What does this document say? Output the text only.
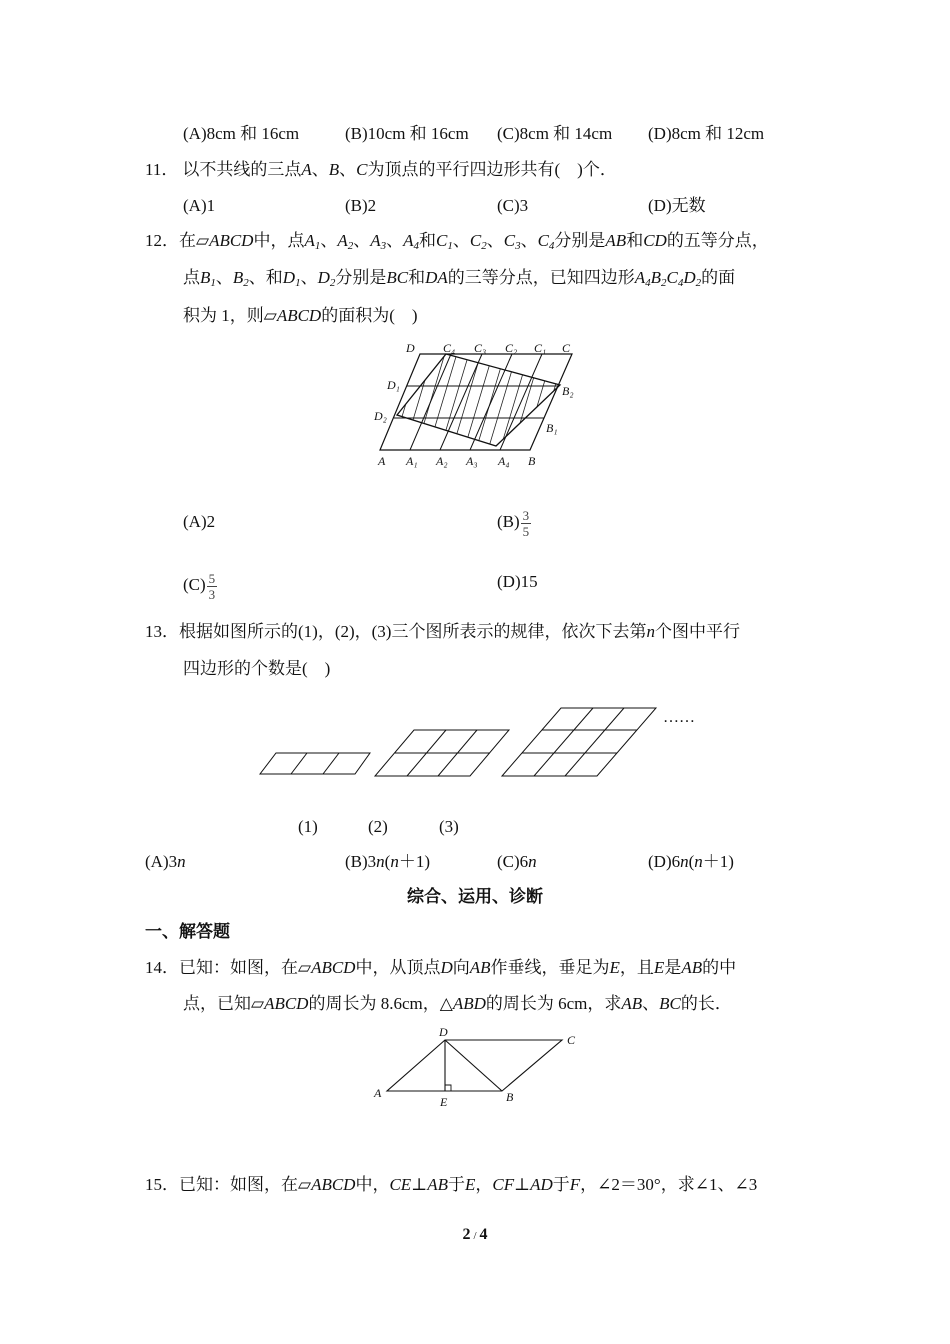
(A)8cm 和 16cm	(B)10cm 和 16cm (C)8cm 和 14cm (D)8cm 和 12cm
11． 以不共线的三点A、B、C为顶点的平行四边形共有(　)个．
(A)1	(B)2	(C)3	(D)无数
12．在▱ABCD中，点$A_1$、$A_2$、$A_3$、$A_4$和$C_1$、$C_2$、$C_3$、$C_4$分别是AB和CD的五等分点，
点$B_1$、$B_2$、和$D_1$、$D_2$分别是BC和DA的三等分点，已知四边形$A_4B_2C_4D_2$的面
积为 1，则▱ABCD的面积为(　)
D C₄ C₃ C₂ C₁ C
D₁
D₂
B₂
B₁
A A₁ A₂ A₃ A₄ B
(A)2	$(B) \frac{3}{5}$
$(C) \frac{5}{3}$	(D)15
13．根据如图所示的(1)，(2)，(3)三个图所表示的规律，依次下去第n个图中平行
四边形的个数是(　)
……
(1)	(2)	(3)
(A)3n	(B)3n(n＋1)	(C)6n	(D)6n(n＋1)
综合、运用、诊断
一、解答题
14．已知：如图，在▱ABCD中，从顶点D向AB作垂线，垂足为E，且E是AB的中
点，已知▱ABCD的周长为 8.6cm，△ABD的周长为 6cm，求AB、BC的长．
A	B
C
D
E
15．已知：如图，在▱ABCD中，CE⊥AB于E，CF⊥AD于F，∠2＝30°，求∠1、∠3
2 / 4
